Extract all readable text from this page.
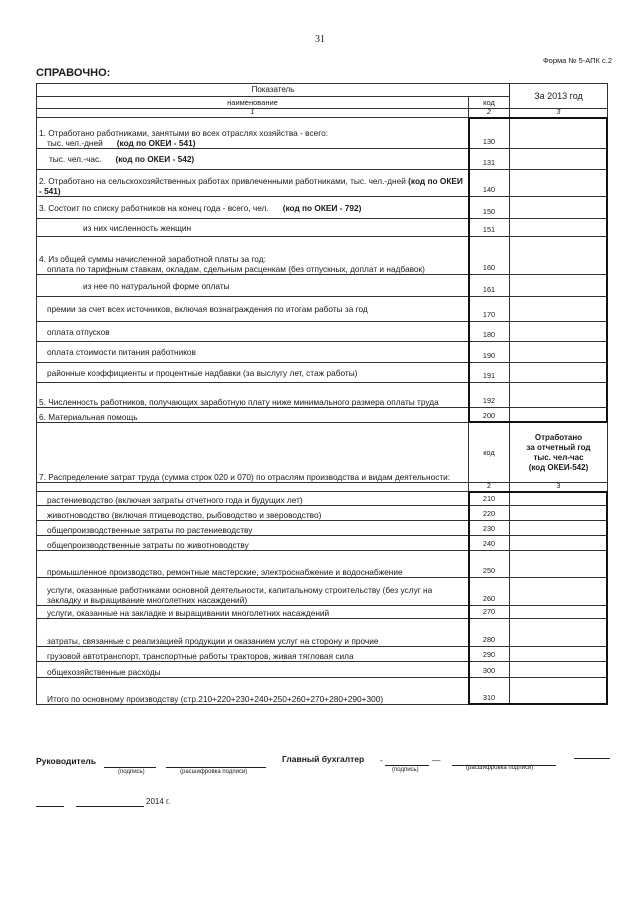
31
Форма № 5-АПК с.2
СПРАВОЧНО:
Показатель		За 2013 год
наименование	код	
1	2	3

1. Отработано работниками, занятыми во всех отраслях хозяйства - всего:
тыс. чел.-дней (код по ОКЕИ - 541)	130	
тыс. чел.-час. (код по ОКЕИ - 542)	131	
2. Отработано на сельскохозяйственных работах привлеченными работниками, тыс. чел.-дней (код по ОКЕИ - 541)	140	
3. Состоит по списку работников на конец года - всего, чел. (код по ОКЕИ - 792)	150	
из них численность женщин	151	

4. Из общей суммы начисленной заработной платы за год:
оплата по тарифным ставкам, окладам, сдельным расценкам (без отпускных, доплат и надбавок)	160	
из нее по натуральной форме оплаты	161	
премии за счет всех источников, включая вознаграждения по итогам работы за год	170	
оплата отпусков	180	
оплата стоимости питания работников	190	
районные коэффициенты и процентные надбавки (за выслугу лет, стаж работы)	191	
5. Численность работников, получающих заработную плату ниже минимального размера оплаты труда	192	
6. Материальная помощь	200	
7. Распределение затрат труда (сумма строк 020 и 070) по отраслям производства и видам деятельности:	код	Отработано
за отчетный год
тыс. чел-час
(код ОКЕИ-542)

	2	3
растениеводство (включая затраты отчетного года и будущих лет)	210	
животноводство (включая птицеводство, рыбоводство и звероводство)	220	
общепроизводственные затраты по растениеводству	230	
общепроизводственные затраты по животноводству	240	
промышленное производство, ремонтные мастерские, электроснабжение и водоснабжение	250	
услуги, оказанные работниками основной деятельности, капитальному строительству (без услуг на закладку и выращивание многолетних насаждений)	260	
услуги, оказанные на закладке и выращивании многолетних насаждений	270	
затраты, связанные с реализацией продукции и оказанием услуг на сторону и прочие	280	
грузовой автотранспорт, транспортные работы тракторов, живая тягловая сила	290	
общехозяйственные расходы	300	
Итого по основному производству (стр.210+220+230+240+250+260+270+280+290+300)	310	
Руководитель
(подпись)	(расшифровка подписи)
Главный бухгалтер -	—
(подпись)	(расшифровка подписи)
2014 г.
